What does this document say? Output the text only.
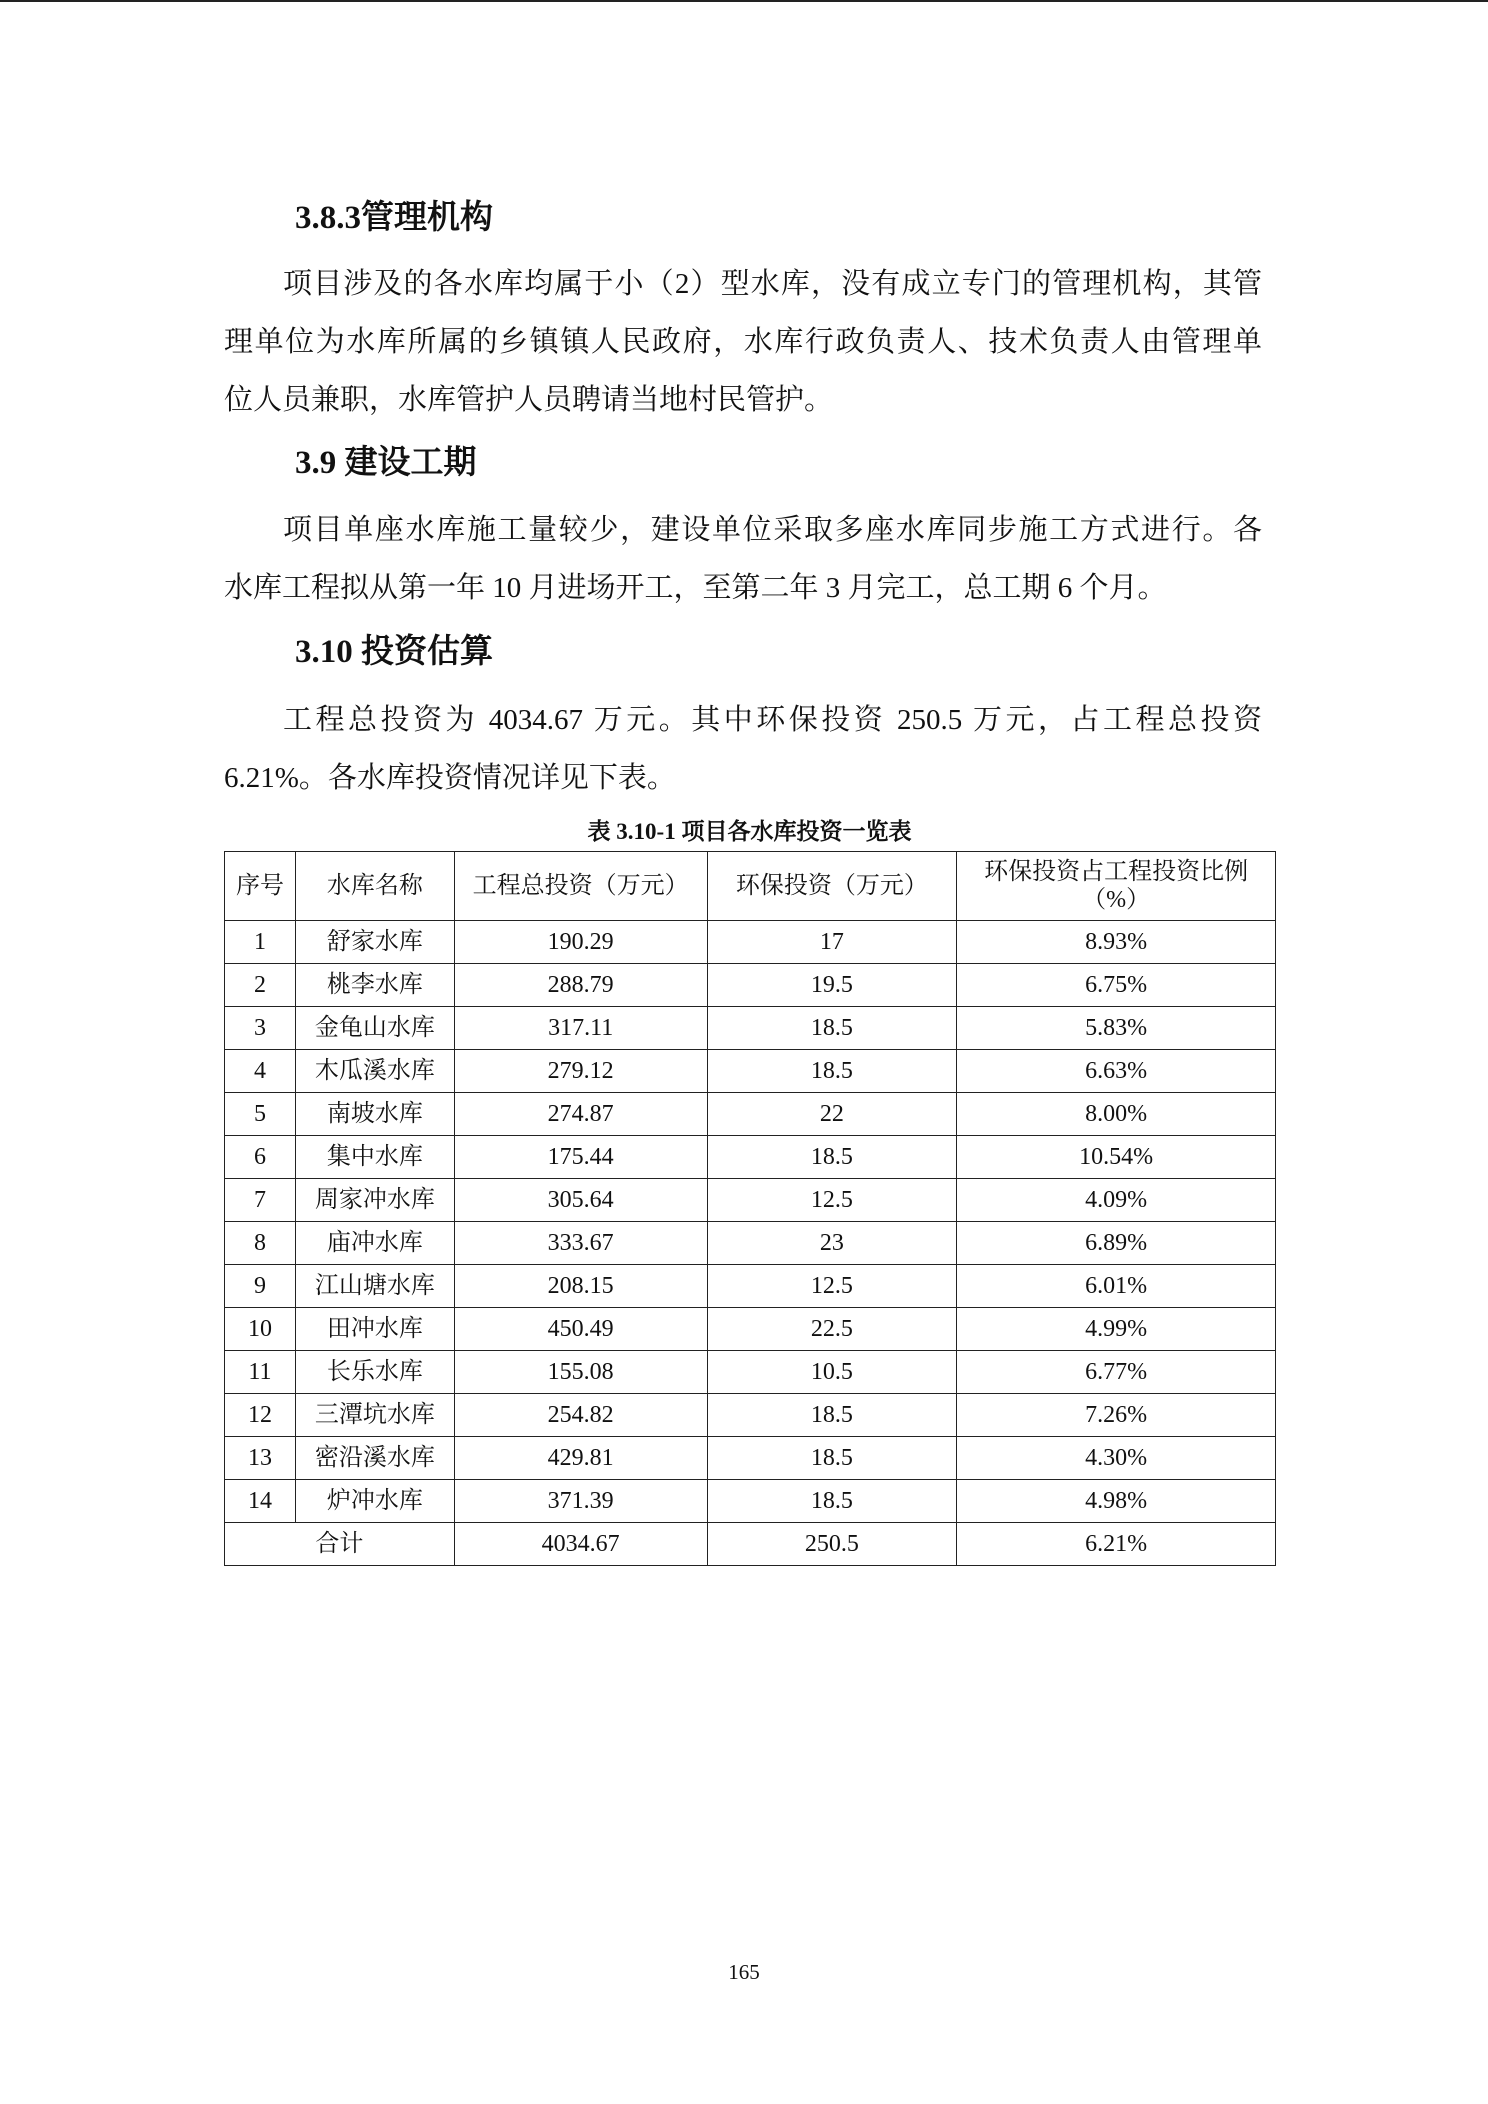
3.8.3管理机构
项目涉及的各水库均属于小（2）型水库，没有成立专门的管理机构，其管
理单位为水库所属的乡镇镇人民政府，水库行政负责人、技术负责人由管理单
位人员兼职，水库管护人员聘请当地村民管护。
3.9 建设工期
项目单座水库施工量较少，建设单位采取多座水库同步施工方式进行。各
水库工程拟从第一年 10 月进场开工，至第二年 3 月完工，总工期 6 个月。
3.10 投资估算
工程总投资为 4034.67 万元。其中环保投资 250.5 万元，占工程总投资
6.21%。各水库投资情况详见下表。
表 3.10-1 项目各水库投资一览表
序号	水库名称	工程总投资（万元）	环保投资（万元）	环保投资占工程投资比例
（%）

1	舒家水库	190.29	17	8.93%
2	桃李水库	288.79	19.5	6.75%
3	金龟山水库	317.11	18.5	5.83%
4	木瓜溪水库	279.12	18.5	6.63%
5	南坡水库	274.87	22	8.00%
6	集中水库	175.44	18.5	10.54%
7	周家冲水库	305.64	12.5	4.09%
8	庙冲水库	333.67	23	6.89%
9	江山塘水库	208.15	12.5	6.01%
10	田冲水库	450.49	22.5	4.99%
11	长乐水库	155.08	10.5	6.77%
12	三潭坑水库	254.82	18.5	7.26%
13	密沿溪水库	429.81	18.5	4.30%
14	炉冲水库	371.39	18.5	4.98%
合计		4034.67	250.5	6.21%
165
